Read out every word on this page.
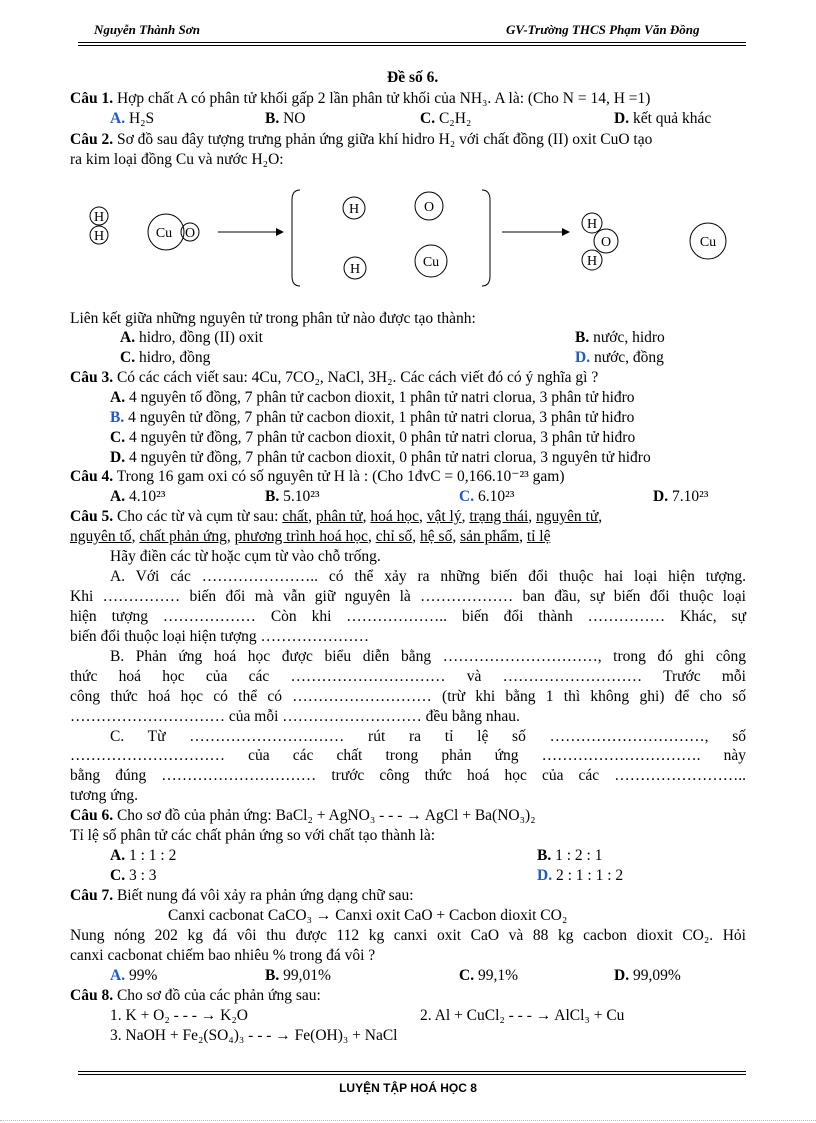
Nguyễn Thành Sơn	GV-Trường THCS Phạm Văn Đồng
Đề số 6.
Câu 1. Hợp chất A có phân tử khối gấp 2 lần phân tử khối của NH₃. A là: (Cho N = 14, H =1)
A. H₂S	B. NO	C. C₂H₂	D. kết quả khác
Câu 2. Sơ đồ sau đây tượng trưng phản ứng giữa khí hidro H₂ với chất đồng (II) oxit CuO tạo
ra kim loại đồng Cu và nước H₂O:
H
H	Cu O
H	O
H	Cu
H
O
H
Cu
Liên kết giữa những nguyên tử trong phân tử nào được tạo thành:
A. hidro, đồng (II) oxit	B. nước, hidro
C. hidro, đồng	D. nước, đồng
Câu 3. Có các cách viết sau: 4Cu, 7CO₂, NaCl, 3H₂. Các cách viết đó có ý nghĩa gì ?
A. 4 nguyên tố đồng, 7 phân tử cacbon dioxit, 1 phân tử natri clorua, 3 phân tử hiđro
B. 4 nguyên tử đồng, 7 phân tử cacbon dioxit, 1 phân tử natri clorua, 3 phân tử hiđro
C. 4 nguyên tử đồng, 7 phân tử cacbon dioxit, 0 phân tử natri clorua, 3 phân tử hiđro
D. 4 nguyên tử đồng, 7 phân tử cacbon dioxit, 0 phân tử natri clorua, 3 nguyên tử hiđro
Câu 4. Trong 16 gam oxi có số nguyên tử H là : (Cho 1đvC = 0,166.10⁻²³ gam)
A. 4.10²³	B. 5.10²³	C. 6.10²³	D. 7.10²³
Câu 5. Cho các từ và cụm từ sau: chất, phân tử, hoá học, vật lý, trạng thái, nguyên tử,
nguyên tố, chất phản ứng, phương trình hoá học, chỉ số, hệ số, sản phẩm, tỉ lệ
Hãy điền các từ hoặc cụm từ vào chỗ trống.
A. Với các ………………….. có thể xảy ra những biến đổi thuộc hai loại hiện tượng.
Khi …………… biến đổi mà vẫn giữ nguyên là ……………… ban đầu, sự biến đổi thuộc loại
hiện tượng ……………… Còn khi ……………….. biến đổi thành …………… Khác, sự
biến đổi thuộc loại hiện tượng …………………
B. Phản ứng hoá học được biểu diễn bằng …………………………, trong đó ghi công
thức hoá học của các ………………………… và ……………………… Trước mỗi
công thức hoá học có thể có ……………………… (trừ khi bằng 1 thì không ghi) để cho số
………………………… của mỗi ……………………… đều bằng nhau.
C. Từ ………………………… rút ra tỉ lệ số …………………………, số
………………………… của các chất trong phản ứng …………………………. này
bằng đúng ………………………… trước công thức hoá học của các ……………………..
tương ứng.
Câu 6. Cho sơ đồ của phản ứng: BaCl₂ + AgNO₃ - - - → AgCl + Ba(NO₃)₂
Tỉ lệ số phân tử các chất phản ứng so với chất tạo thành là:
A. 1 : 1 : 2	B. 1 : 2 : 1
C. 3 : 3	D. 2 : 1 : 1 : 2
Câu 7. Biết nung đá vôi xảy ra phản ứng dạng chữ sau:
Canxi cacbonat CaCO₃ → Canxi oxit CaO + Cacbon dioxit CO₂
Nung nóng 202 kg đá vôi thu được 112 kg canxi oxit CaO và 88 kg cacbon dioxit CO₂. Hỏi
canxi cacbonat chiếm bao nhiêu % trong đá vôi ?
A. 99%	B. 99,01%	C. 99,1%	D. 99,09%
Câu 8. Cho sơ đồ của các phản ứng sau:
1. K + O₂ - - - → K₂O	2. Al + CuCl₂ - - - → AlCl₃ + Cu
3. NaOH + Fe₂(SO₄)₃ - - - → Fe(OH)₃ + NaCl
LUYỆN TẬP HOÁ HỌC 8
